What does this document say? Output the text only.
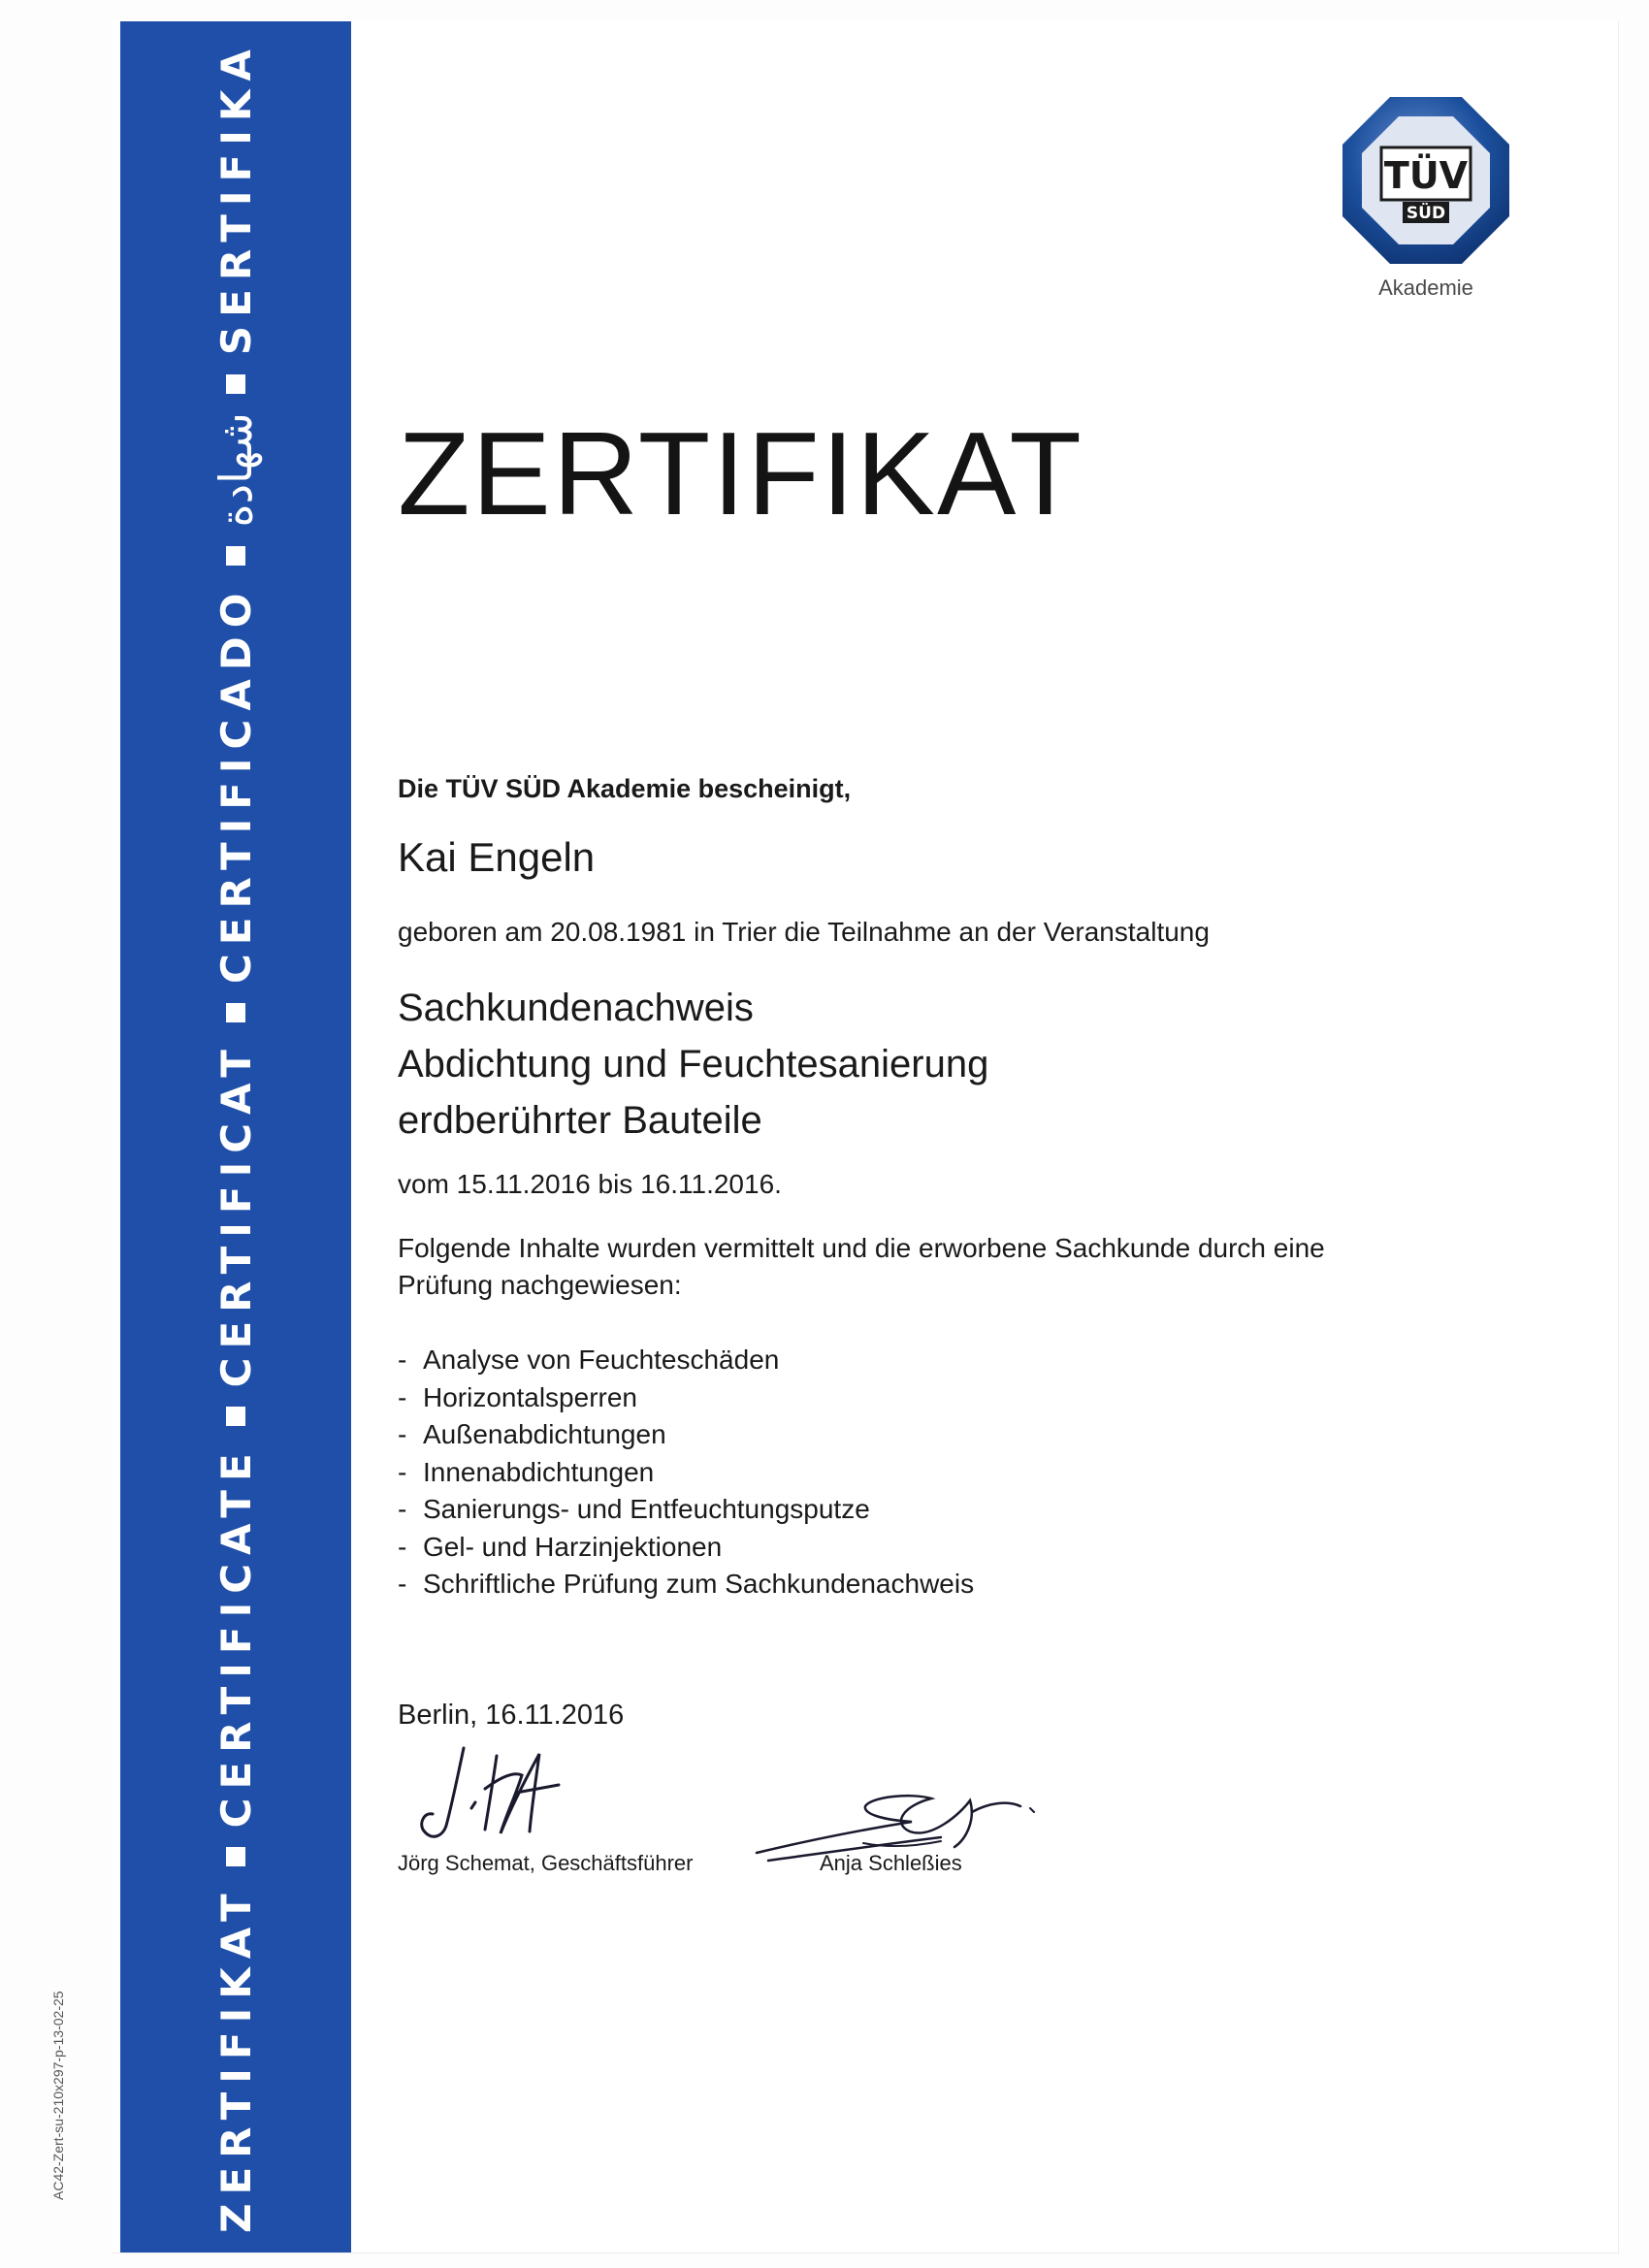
ZERTIFIKAT
CERTIFICATE
CERTIFICAT
CERTIFICADO
شهادة
SERTIFIKA
AC42-Zert-su-210x297-p-13-02-25
TÜV
SÜD
Akademie
ZERTIFIKAT
Die TÜV SÜD Akademie bescheinigt,
Kai Engeln
geboren am 20.08.1981 in Trier die Teilnahme an der Veranstaltung
Sachkundenachweis
Abdichtung und Feuchtesanierung
erdberührter Bauteile
vom 15.11.2016 bis 16.11.2016.
Folgende Inhalte wurden vermittelt und die erworbene Sachkunde durch eine
Prüfung nachgewiesen:
- Analyse von Feuchteschäden
- Horizontalsperren
- Außenabdichtungen
- Innenabdichtungen
- Sanierungs- und Entfeuchtungsputze
- Gel- und Harzinjektionen
- Schriftliche Prüfung zum Sachkundenachweis
Berlin, 16.11.2016
Jörg Schemat, Geschäftsführer	Anja Schleßies
